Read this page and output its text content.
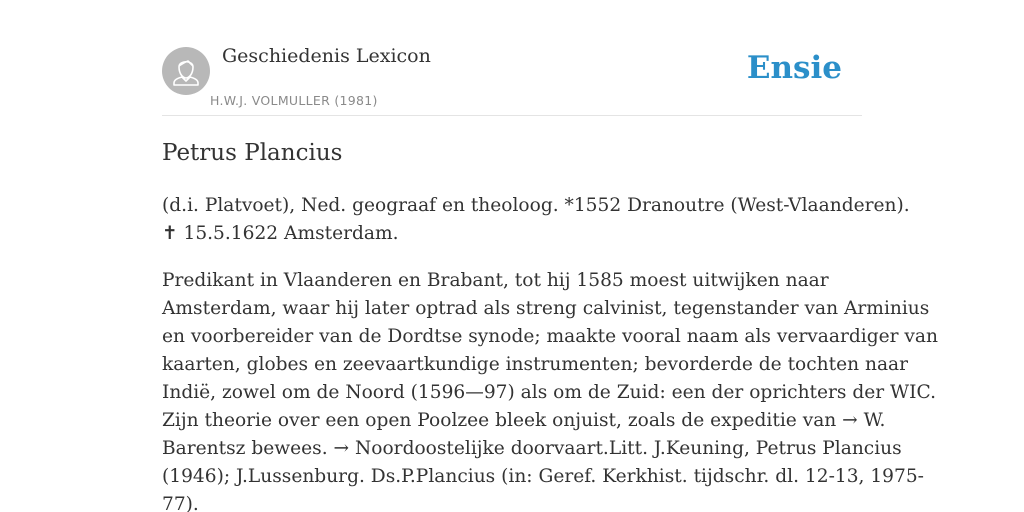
Geschiedenis Lexicon
H.W.J. VOLMULLER (1981)
Ensie
Petrus Plancius

(d.i. Platvoet), Ned. geograaf en theoloog. *1552 Dranoutre (West-Vlaanderen).
✝ 15.5.1622 Amsterdam.

Predikant in Vlaanderen en Brabant, tot hij 1585 moest uitwijken naar
Amsterdam, waar hij later optrad als streng calvinist, tegenstander van Arminius
en voorbereider van de Dordtse synode; maakte vooral naam als vervaardiger van
kaarten, globes en zeevaartkundige instrumenten; bevorderde de tochten naar
Indië, zowel om de Noord (1596—97) als om de Zuid: een der oprichters der WIC.
Zijn theorie over een open Poolzee bleek onjuist, zoals de expeditie van → W.
Barentsz bewees. → Noordoostelijke doorvaart.Litt. J.Keuning, Petrus Plancius
(1946); J.Lussenburg. Ds.P.Plancius (in: Geref. Kerkhist. tijdschr. dl. 12-13, 1975-
77).
